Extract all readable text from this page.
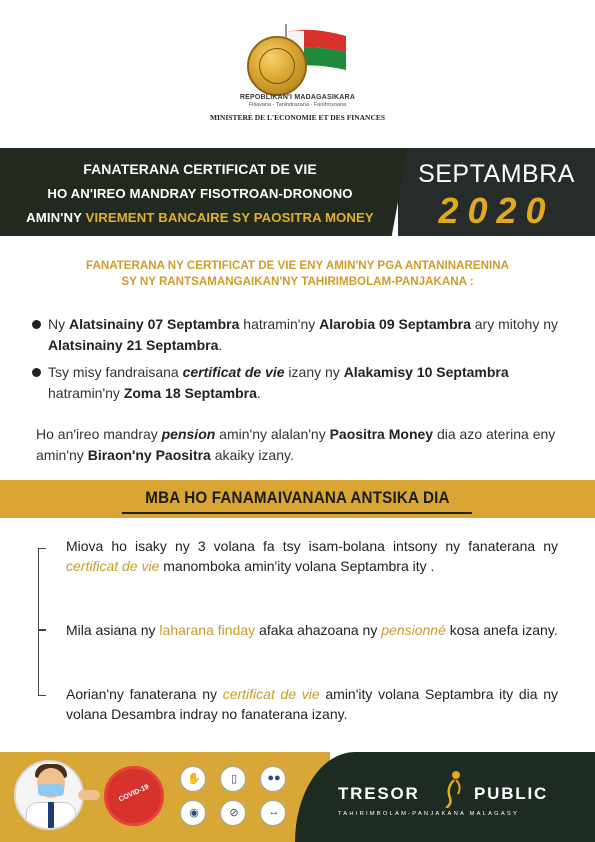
REPOBLIKAN'I MADAGASIKARA
Fitiavana - Tanindrazana - Fandrosoana
MINISTERE DE L'ECONOMIE ET DES FINANCES
FANATERANA CERTIFICAT DE VIE
HO AN'IREO MANDRAY FISOTROAN-DRONONO
AMIN'NY VIREMENT BANCAIRE SY PAOSITRA MONEY
SEPTAMBRA
2020
FANATERANA NY CERTIFICAT DE VIE ENY AMIN'NY PGA ANTANINARENINA
SY NY RANTSAMANGAIKAN'NY TAHIRIMBOLAM-PANJAKANA :
Ny Alatsinainy 07 Septambra hatramin'ny Alarobia 09 Septambra ary mitohy ny Alatsinainy 21 Septambra.
Tsy misy fandraisana certificat de vie izany ny Alakamisy 10 Septambra hatramin'ny Zoma 18 Septambra.
Ho an'ireo mandray pension amin'ny alalan'ny Paositra Money dia azo aterina eny amin'ny Biraon'ny Paositra akaiky izany.
MBA HO FANAMAIVANANA ANTSIKA DIA
Miova ho isaky ny 3 volana fa tsy isam-bolana intsony ny fanaterana ny certificat de vie manomboka amin'ity volana Septambra ity .
Mila asiana ny laharana finday afaka ahazoana ny pensionné kosa anefa izany.
Aorian'ny fanaterana ny certificat de vie amin'ity volana Septambra ity dia ny volana Desambra indray no fanaterana izany.
COVID-19
✋	▯	●●
◉	⊘	↔
TRESOR	PUBLIC
TAHIRIMBOLAM-PANJAKANA MALAGASY
